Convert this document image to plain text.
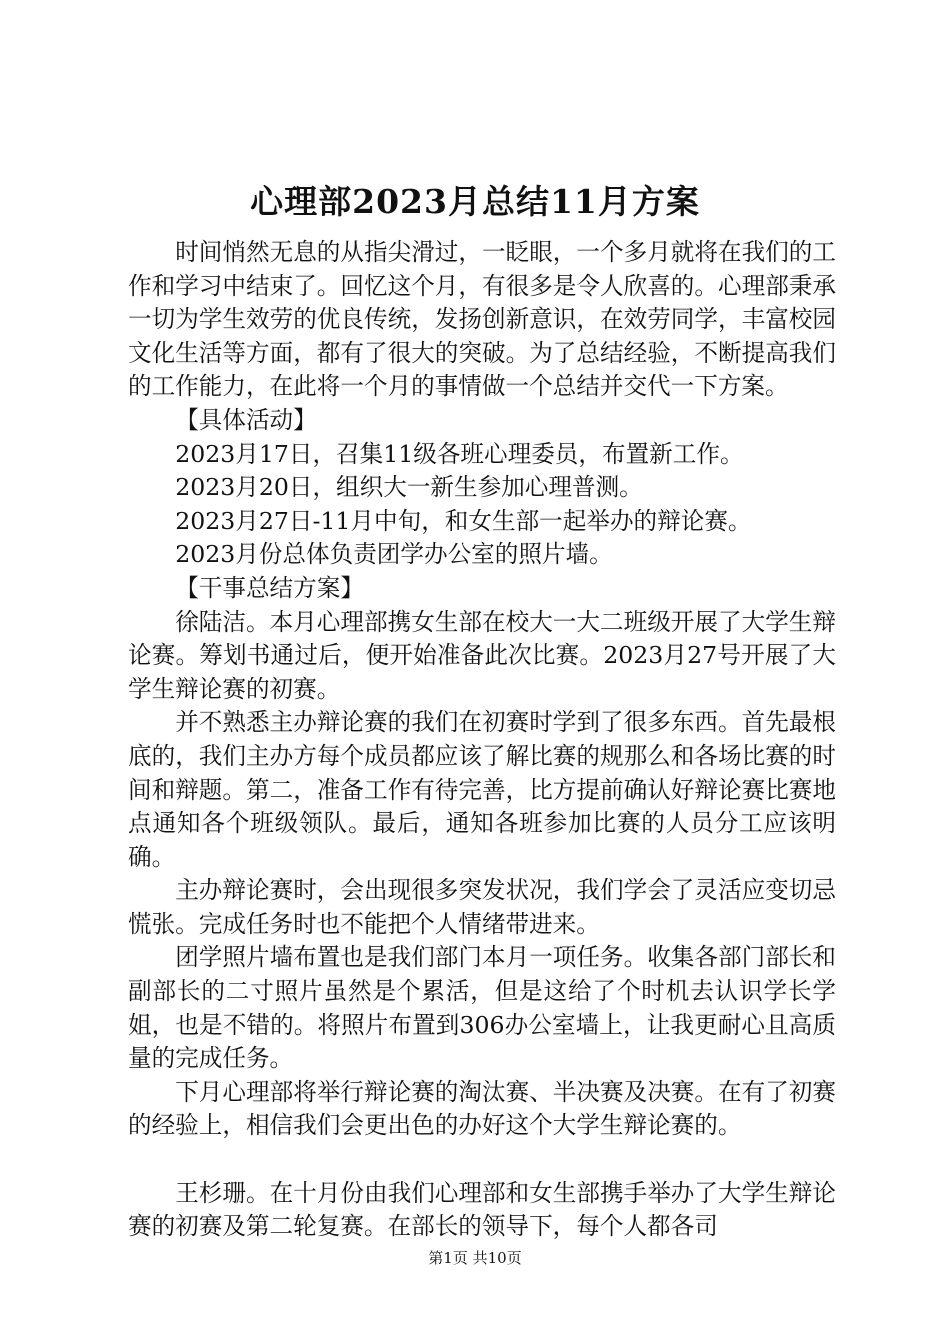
心理部2023月总结11月方案

时间悄然无息的从指尖滑过，一眨眼，一个多月就将在我们的工作和学习中结束了。回忆这个月，有很多是令人欣喜的。心理部秉承一切为学生效劳的优良传统，发扬创新意识，在效劳同学，丰富校园文化生活等方面，都有了很大的突破。为了总结经验，不断提高我们的工作能力，在此将一个月的事情做一个总结并交代一下方案。

【具体活动】

2023月17日，召集11级各班心理委员，布置新工作。

2023月20日，组织大一新生参加心理普测。

2023月27日-11月中旬，和女生部一起举办的辩论赛。

2023月份总体负责团学办公室的照片墙。

【干事总结方案】

徐陆洁。本月心理部携女生部在校大一大二班级开展了大学生辩论赛。筹划书通过后，便开始准备此次比赛。2023月27号开展了大学生辩论赛的初赛。

并不熟悉主办辩论赛的我们在初赛时学到了很多东西。首先最根底的，我们主办方每个成员都应该了解比赛的规那么和各场比赛的时间和辩题。第二，准备工作有待完善，比方提前确认好辩论赛比赛地点通知各个班级领队。最后，通知各班参加比赛的人员分工应该明确。

主办辩论赛时，会出现很多突发状况，我们学会了灵活应变切忌慌张。完成任务时也不能把个人情绪带进来。

团学照片墙布置也是我们部门本月一项任务。收集各部门部长和副部长的二寸照片虽然是个累活，但是这给了个时机去认识学长学姐，也是不错的。将照片布置到306办公室墙上，让我更耐心且高质量的完成任务。

下月心理部将举行辩论赛的淘汰赛、半决赛及决赛。在有了初赛的经验上，相信我们会更出色的办好这个大学生辩论赛的。

王杉珊。在十月份由我们心理部和女生部携手举办了大学生辩论赛的初赛及第二轮复赛。在部长的领导下，每个人都各司

第1页 共10页
